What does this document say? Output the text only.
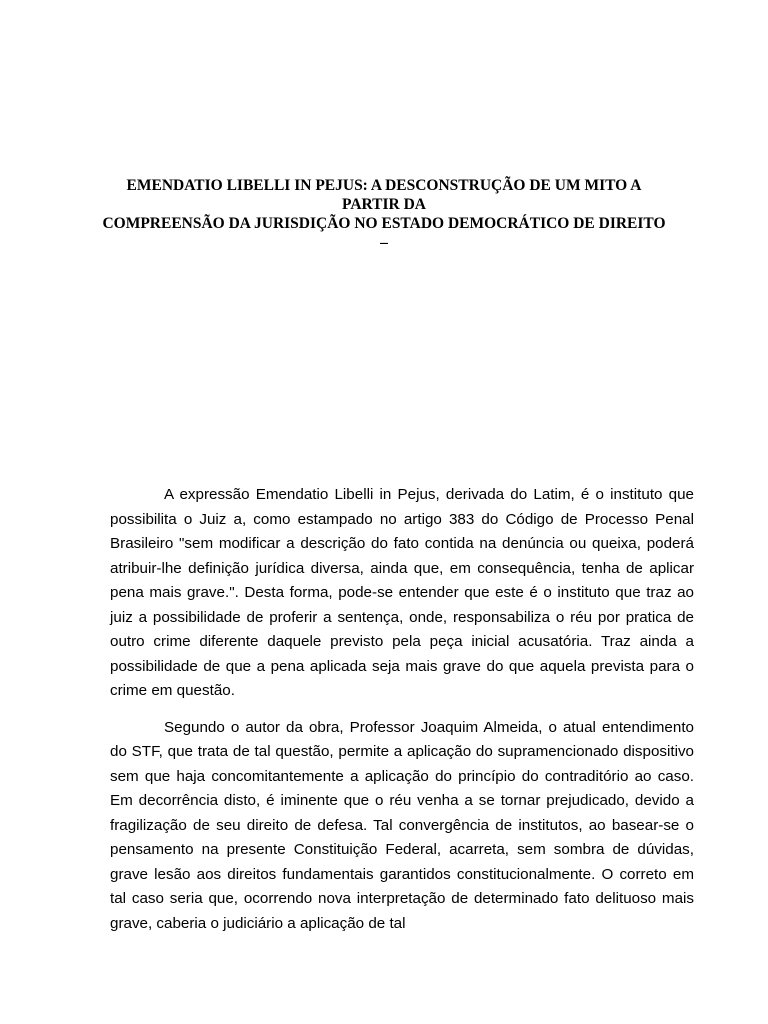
EMENDATIO LIBELLI IN PEJUS: A DESCONSTRUÇÃO DE UM MITO A PARTIR DA
COMPREENSÃO DA JURISDIÇÃO NO ESTADO DEMOCRÁTICO DE DIREITO –

A expressão Emendatio Libelli in Pejus, derivada do Latim, é o instituto que possibilita o Juiz a, como estampado no artigo 383 do Código de Processo Penal Brasileiro "sem modificar a descrição do fato contida na denúncia ou queixa, poderá atribuir-lhe definição jurídica diversa, ainda que, em consequência, tenha de aplicar pena mais grave.". Desta forma, pode-se entender que este é o instituto que traz ao juiz a possibilidade de proferir a sentença, onde, responsabiliza o réu por pratica de outro crime diferente daquele previsto pela peça inicial acusatória. Traz ainda a possibilidade de que a pena aplicada seja mais grave do que aquela prevista para o crime em questão.

Segundo o autor da obra, Professor Joaquim Almeida, o atual entendimento do STF, que trata de tal questão, permite a aplicação do supramencionado dispositivo sem que haja concomitantemente a aplicação do princípio do contraditório ao caso. Em decorrência disto, é iminente que o réu venha a se tornar prejudicado, devido a fragilização de seu direito de defesa. Tal convergência de institutos, ao basear-se o pensamento na presente Constituição Federal, acarreta, sem sombra de dúvidas, grave lesão aos direitos fundamentais garantidos constitucionalmente. O correto em tal caso seria que, ocorrendo nova interpretação de determinado fato delituoso mais grave, caberia o judiciário a aplicação de tal
